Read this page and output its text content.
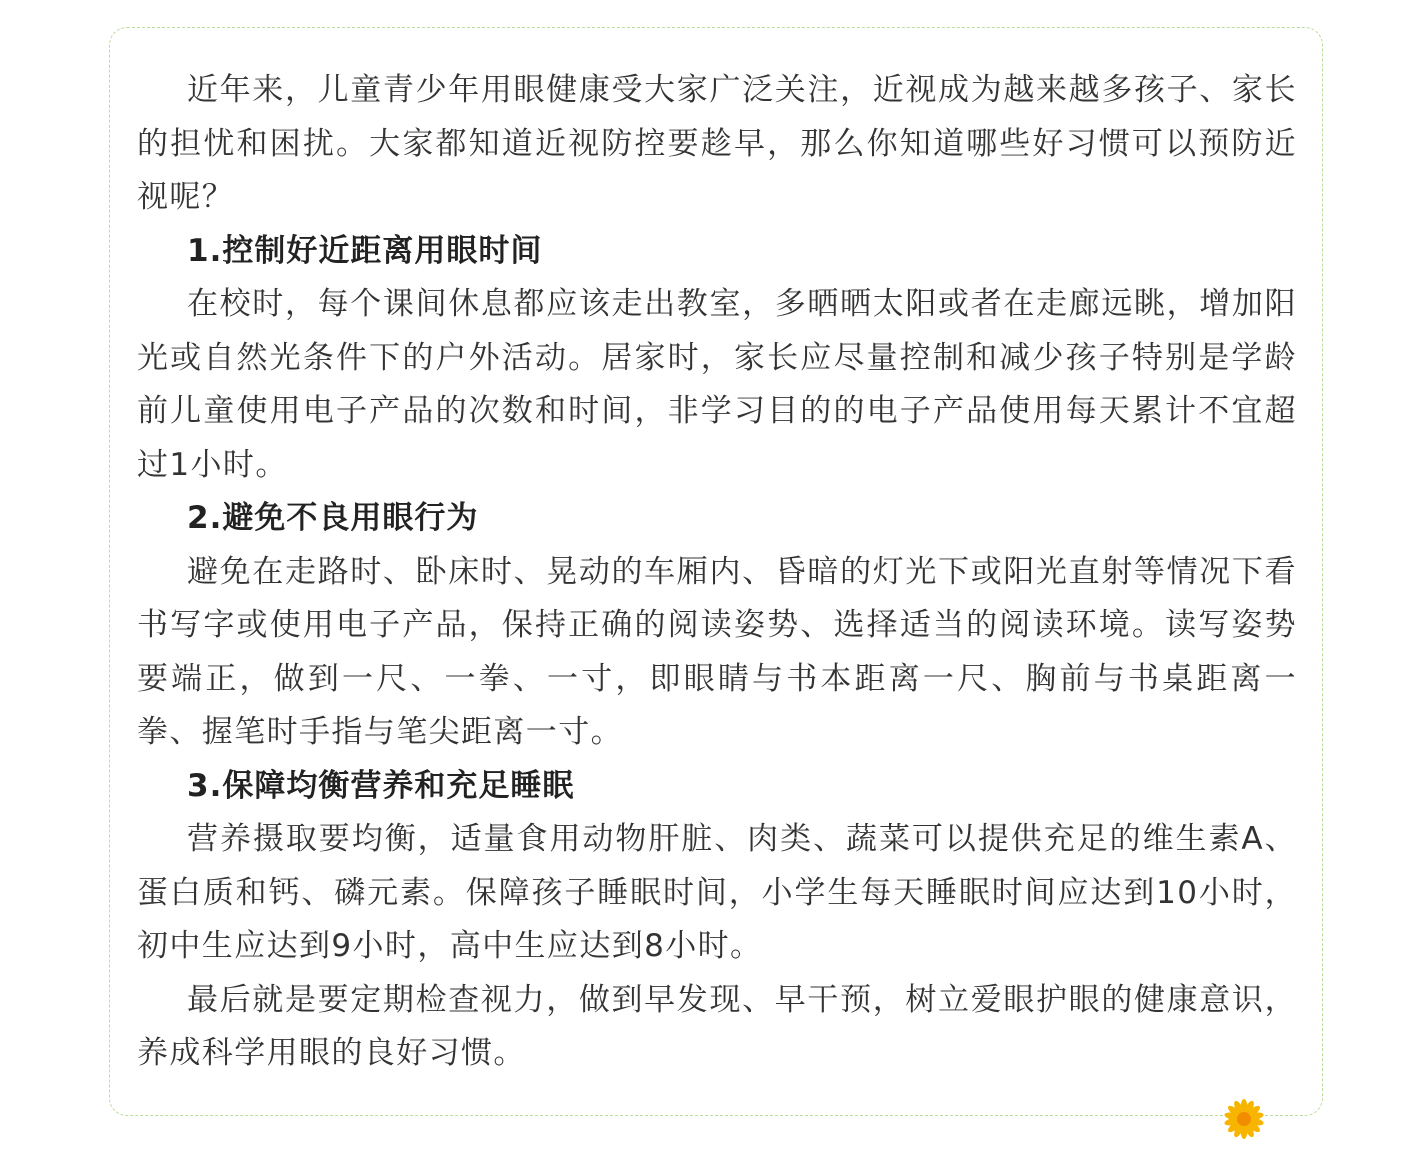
近年来，儿童青少年用眼健康受大家广泛关注，近视成为越来越多孩子、家长的担忧和困扰。大家都知道近视防控要趁早，那么你知道哪些好习惯可以预防近视呢？

1.控制好近距离用眼时间

在校时，每个课间休息都应该走出教室，多晒晒太阳或者在走廊远眺，增加阳光或自然光条件下的户外活动。居家时，家长应尽量控制和减少孩子特别是学龄前儿童使用电子产品的次数和时间，非学习目的的电子产品使用每天累计不宜超过1小时。

2.避免不良用眼行为

避免在走路时、卧床时、晃动的车厢内、昏暗的灯光下或阳光直射等情况下看书写字或使用电子产品，保持正确的阅读姿势、选择适当的阅读环境。读写姿势要端正，做到一尺、一拳、一寸，即眼睛与书本距离一尺、胸前与书桌距离一拳、握笔时手指与笔尖距离一寸。

3.保障均衡营养和充足睡眠

营养摄取要均衡，适量食用动物肝脏、肉类、蔬菜可以提供充足的维生素A、蛋白质和钙、磷元素。保障孩子睡眠时间，小学生每天睡眠时间应达到10小时，初中生应达到9小时，高中生应达到8小时。

最后就是要定期检查视力，做到早发现、早干预，树立爱眼护眼的健康意识，养成科学用眼的良好习惯。
